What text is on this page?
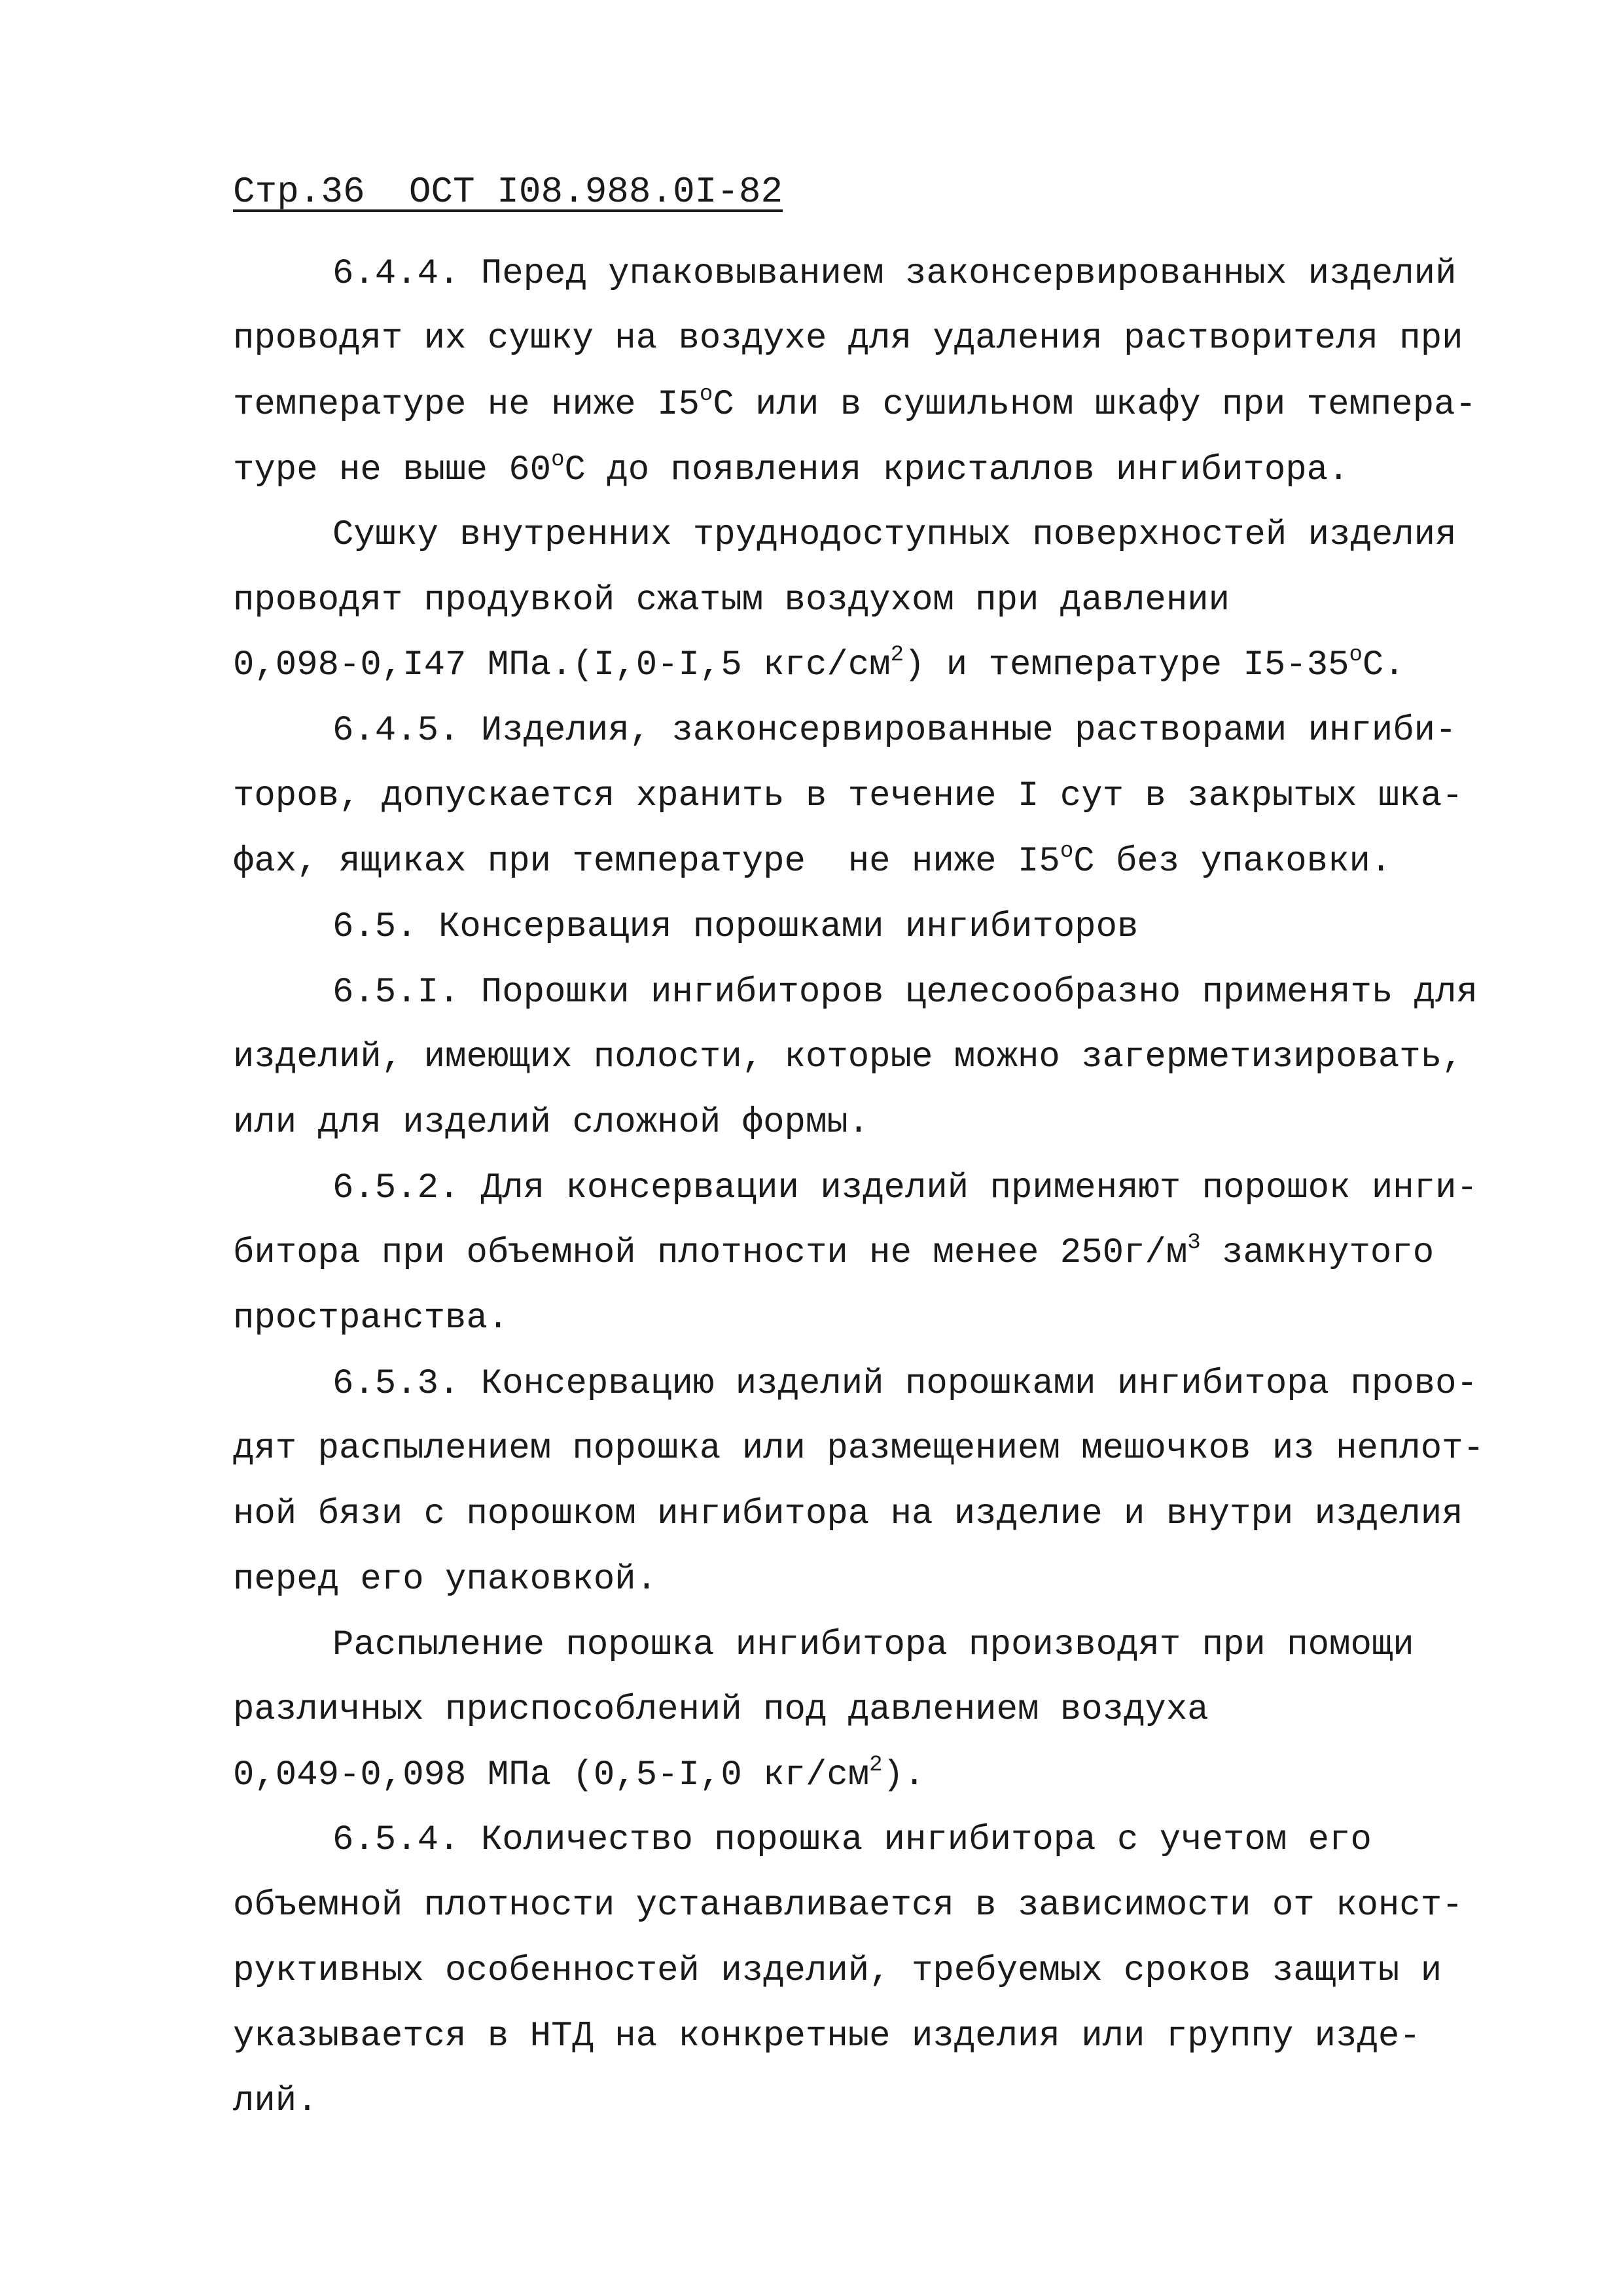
Стр.36  ОСТ I08.988.0I-82
6.4.4. Перед упаковыванием законсервированных изделий
проводят их сушку на воздухе для удаления растворителя при
температуре не ниже $I5^оС$ или в сушильном шкафу при темпера-
туре не выше $60^оС$ до появления кристаллов ингибитора.
Сушку внутренних труднодоступных поверхностей изделия
проводят продувкой сжатым воздухом при давлении
0,098-0,I47 МПа.(I,0-I,5 кгс/$см^2$) и температуре $I5-35^оС$.
6.4.5. Изделия, законсервированные растворами ингиби-
торов, допускается хранить в течение I сут в закрытых шка-
фах, ящиках при температуре  не ниже $I5^оС$ без упаковки.
6.5. Консервация порошками ингибиторов
6.5.I. Порошки ингибиторов целесообразно применять для
изделий, имеющих полости, которые можно загерметизировать,
или для изделий сложной формы.
6.5.2. Для консервации изделий применяют порошок инги-
битора при объемной плотности не менее $250г/м^3$ замкнутого
пространства.
6.5.3. Консервацию изделий порошками ингибитора прово-
дят распылением порошка или размещением мешочков из неплот-
ной бязи с порошком ингибитора на изделие и внутри изделия
перед его упаковкой.
Распыление порошка ингибитора производят при помощи
различных приспособлений под давлением воздуха
0,049-0,098 МПа (0,5-I,0 $кг/см^2$).
6.5.4. Количество порошка ингибитора с учетом его
объемной плотности устанавливается в зависимости от конст-
руктивных особенностей изделий, требуемых сроков защиты и
указывается в НТД на конкретные изделия или группу изде-
лий.
